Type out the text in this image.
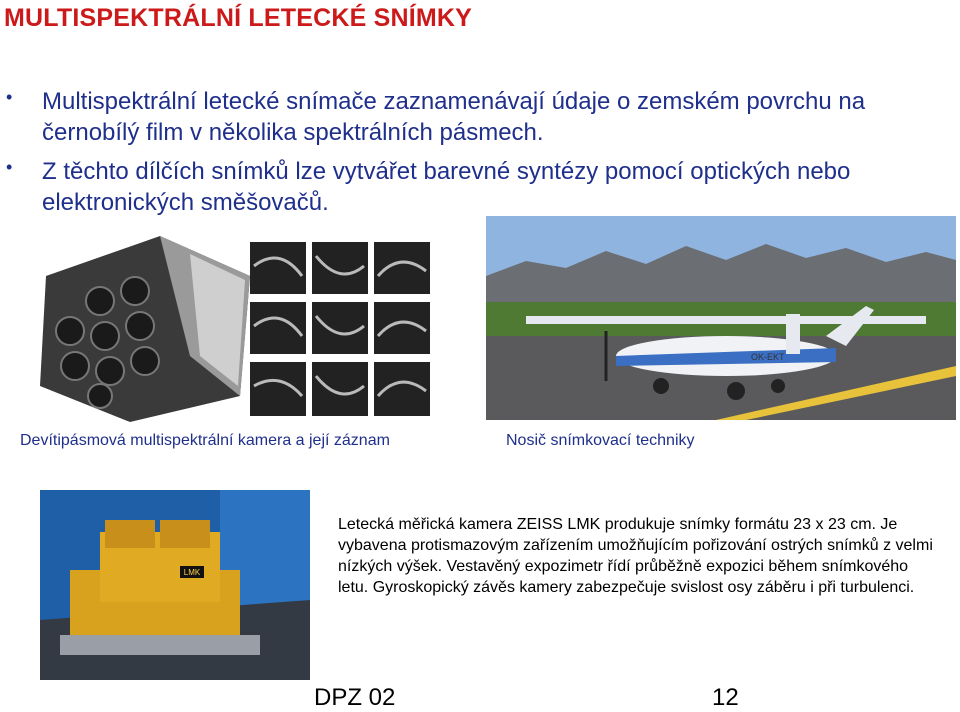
MULTISPEKTRÁLNÍ LETECKÉ SNÍMKY
• Multispektrální letecké snímače zaznamenávají údaje o zemském povrchu na černobílý film v několika spektrálních pásmech.
• Z těchto dílčích snímků lze vytvářet barevné syntézy pomocí optických nebo elektronických směšovačů.
Devítipásmová multispektrální kamera a její záznam
OK-EKT
Nosič snímkovací techniky
LMK
Letecká měřická kamera ZEISS LMK produkuje snímky formátu 23 x 23 cm. Je vybavena protismazovým zařízením umožňujícím pořizování ostrých snímků z velmi nízkých výšek. Vestavěný expozimetr řídí průběžně expozici během snímkového letu. Gyroskopický závěs kamery zabezpečuje svislost osy záběru i při turbulenci.
DPZ 02	12
